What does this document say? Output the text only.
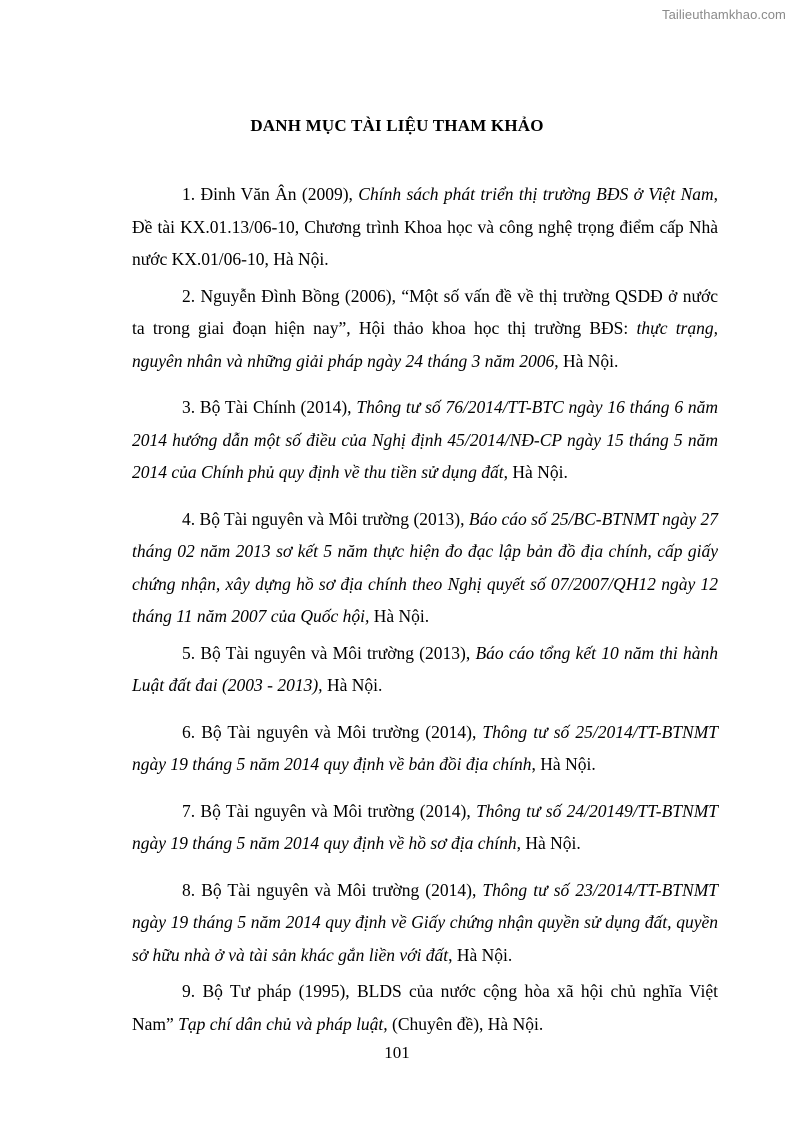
Tailieuthamkhao.com
DANH MỤC TÀI LIỆU THAM KHẢO

1. Đinh Văn Ân (2009), Chính sách phát triển thị trường BĐS ở Việt Nam, Đề tài KX.01.13/06-10, Chương trình Khoa học và công nghệ trọng điểm cấp Nhà nước KX.01/06-10, Hà Nội.

2. Nguyễn Đình Bồng (2006), “Một số vấn đề về thị trường QSDĐ ở nước ta trong giai đoạn hiện nay”, Hội thảo khoa học thị trường BĐS: thực trạng, nguyên nhân và những giải pháp ngày 24 tháng 3 năm 2006, Hà Nội.

3. Bộ Tài Chính (2014), Thông tư số 76/2014/TT-BTC ngày 16 tháng 6 năm 2014 hướng dẫn một số điều của Nghị định 45/2014/NĐ-CP ngày 15 tháng 5 năm 2014 của Chính phủ quy định về thu tiền sử dụng đất, Hà Nội.

4. Bộ Tài nguyên và Môi trường (2013), Báo cáo số 25/BC-BTNMT ngày 27 tháng 02 năm 2013 sơ kết 5 năm thực hiện đo đạc lập bản đồ địa chính, cấp giấy chứng nhận, xây dựng hồ sơ địa chính theo Nghị quyết số 07/2007/QH12 ngày 12 tháng 11 năm 2007 của Quốc hội, Hà Nội.

5. Bộ Tài nguyên và Môi trường (2013), Báo cáo tổng kết 10 năm thi hành Luật đất đai (2003 - 2013), Hà Nội.

6. Bộ Tài nguyên và Môi trường (2014), Thông tư số 25/2014/TT-BTNMT ngày 19 tháng 5 năm 2014 quy định về bản đồi địa chính, Hà Nội.

7. Bộ Tài nguyên và Môi trường (2014), Thông tư số 24/20149/TT-BTNMT ngày 19 tháng 5 năm 2014 quy định về hồ sơ địa chính, Hà Nội.

8. Bộ Tài nguyên và Môi trường (2014), Thông tư số 23/2014/TT-BTNMT ngày 19 tháng 5 năm 2014 quy định về Giấy chứng nhận quyền sử dụng đất, quyền sở hữu nhà ở và tài sản khác gắn liền với đất, Hà Nội.

9. Bộ Tư pháp (1995), BLDS của nước cộng hòa xã hội chủ nghĩa Việt Nam” Tạp chí dân chủ và pháp luật, (Chuyên đề), Hà Nội.

101
